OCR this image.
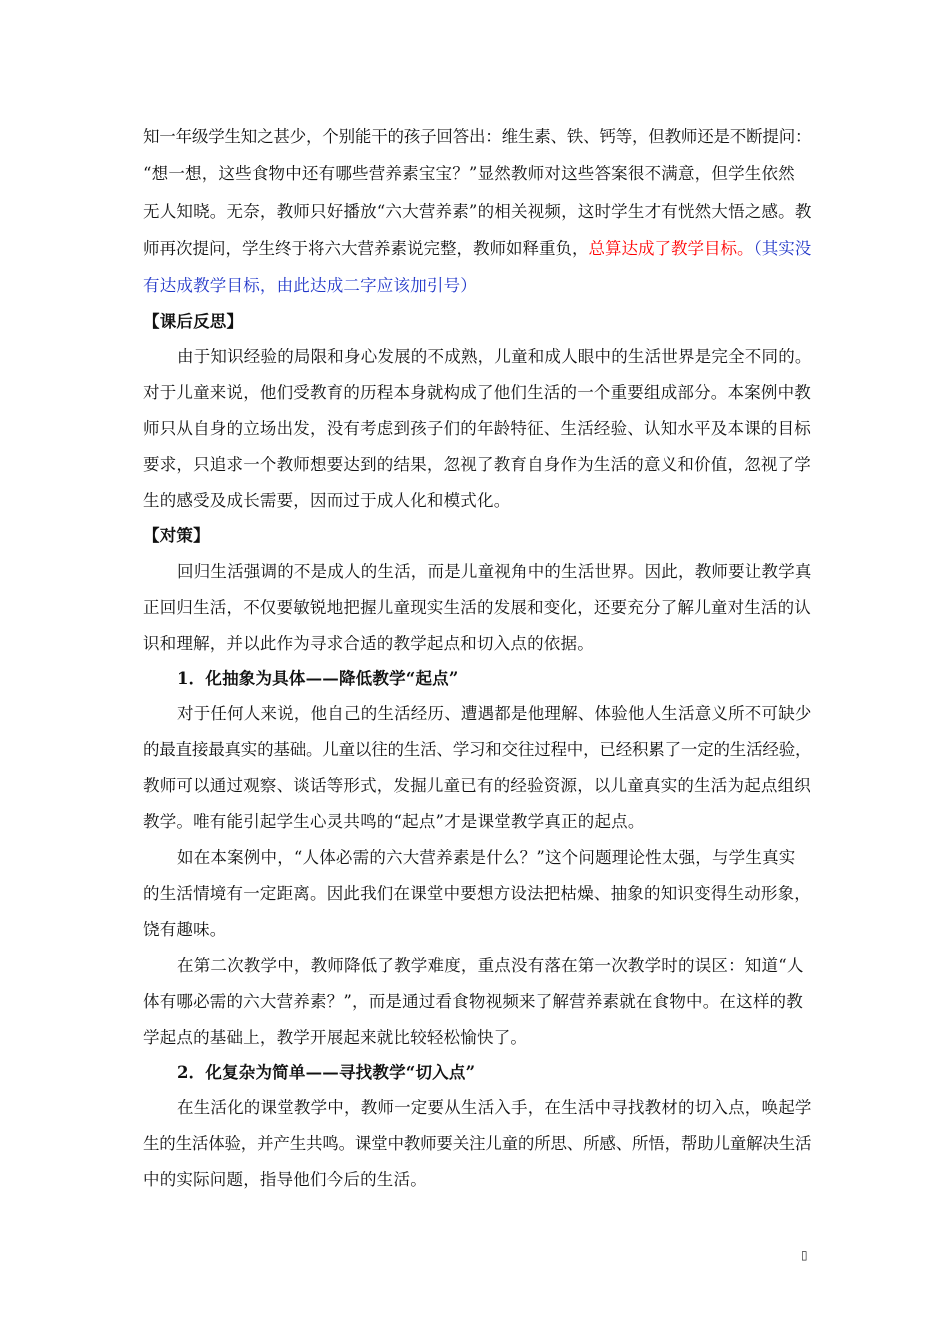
知一年级学生知之甚少，个别能干的孩子回答出：维生素、铁、钙等，但教师还是不断提问：
“想一想，这些食物中还有哪些营养素宝宝？”显然教师对这些答案很不满意，但学生依然
无人知晓。无奈，教师只好播放“六大营养素”的相关视频，这时学生才有恍然大悟之感。教
师再次提问，学生终于将六大营养素说完整，教师如释重负，总算达成了教学目标。（其实没
有达成教学目标，由此达成二字应该加引号）
【课后反思】
由于知识经验的局限和身心发展的不成熟，儿童和成人眼中的生活世界是完全不同的。
对于儿童来说，他们受教育的历程本身就构成了他们生活的一个重要组成部分。本案例中教
师只从自身的立场出发，没有考虑到孩子们的年龄特征、生活经验、认知水平及本课的目标
要求，只追求一个教师想要达到的结果，忽视了教育自身作为生活的意义和价值，忽视了学
生的感受及成长需要，因而过于成人化和模式化。
【对策】
回归生活强调的不是成人的生活，而是儿童视角中的生活世界。因此，教师要让教学真
正回归生活，不仅要敏锐地把握儿童现实生活的发展和变化，还要充分了解儿童对生活的认
识和理解，并以此作为寻求合适的教学起点和切入点的依据。
1．化抽象为具体——降低教学“起点”
对于任何人来说，他自己的生活经历、遭遇都是他理解、体验他人生活意义所不可缺少
的最直接最真实的基础。儿童以往的生活、学习和交往过程中，已经积累了一定的生活经验，
教师可以通过观察、谈话等形式，发掘儿童已有的经验资源，以儿童真实的生活为起点组织
教学。唯有能引起学生心灵共鸣的“起点”才是课堂教学真正的起点。
如在本案例中，“人体必需的六大营养素是什么？”这个问题理论性太强，与学生真实
的生活情境有一定距离。因此我们在课堂中要想方设法把枯燥、抽象的知识变得生动形象，
饶有趣味。
在第二次教学中，教师降低了教学难度，重点没有落在第一次教学时的误区：知道“人
体有哪必需的六大营养素？”，而是通过看食物视频来了解营养素就在食物中。在这样的教
学起点的基础上，教学开展起来就比较轻松愉快了。
2．化复杂为简单——寻找教学“切入点”
在生活化的课堂教学中，教师一定要从生活入手，在生活中寻找教材的切入点，唤起学
生的生活体验，并产生共鸣。课堂中教师要关注儿童的所思、所感、所悟，帮助儿童解决生活
中的实际问题，指导他们今后的生活。
▯
